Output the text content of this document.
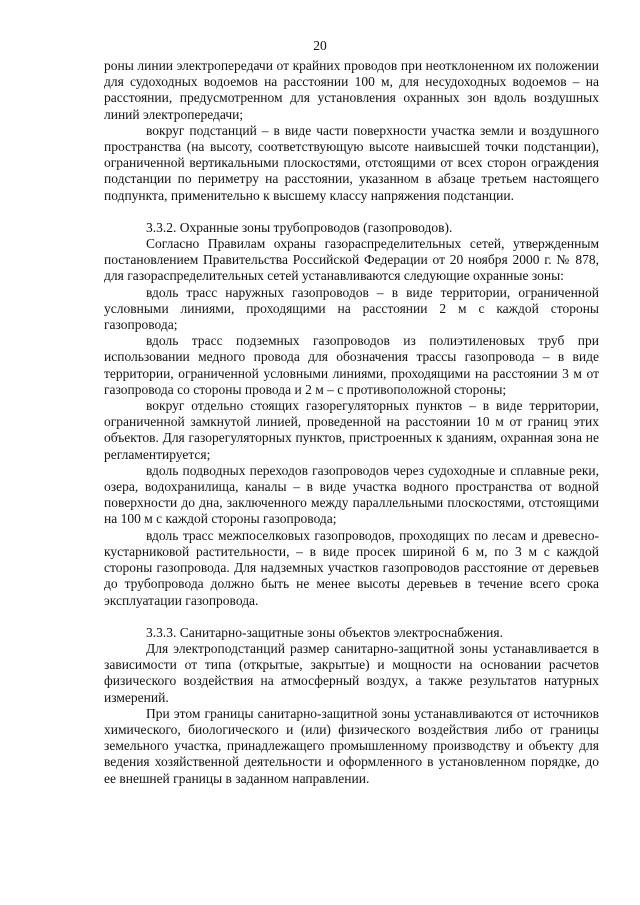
20

роны линии электропередачи от крайних проводов при неотклоненном их положении для судоходных водоемов на расстоянии 100 м, для несудоходных водоемов – на расстоянии, предусмотренном для установления охранных зон вдоль воздушных линий электропередачи;

вокруг подстанций – в виде части поверхности участка земли и воздушного пространства (на высоту, соответствующую высоте наивысшей точки подстанции), ограниченной вертикальными плоскостями, отстоящими от всех сторон ограждения подстанции по периметру на расстоянии, указанном в абзаце третьем настоящего подпункта, применительно к высшему классу напряжения подстанции.

3.3.2. Охранные зоны трубопроводов (газопроводов).

Согласно Правилам охраны газораспределительных сетей, утвержденным постановлением Правительства Российской Федерации от 20 ноября 2000 г. № 878, для газораспределительных сетей устанавливаются следующие охранные зоны:

вдоль трасс наружных газопроводов – в виде территории, ограниченной условными линиями, проходящими на расстоянии 2 м с каждой стороны газопровода;

вдоль трасс подземных газопроводов из полиэтиленовых труб при использовании медного провода для обозначения трассы газопровода – в виде территории, ограниченной условными линиями, проходящими на расстоянии 3 м от газопровода со стороны провода и 2 м – с противоположной стороны;

вокруг отдельно стоящих газорегуляторных пунктов – в виде территории, ограниченной замкнутой линией, проведенной на расстоянии 10 м от границ этих объектов. Для газорегуляторных пунктов, пристроенных к зданиям, охранная зона не регламентируется;

вдоль подводных переходов газопроводов через судоходные и сплавные реки, озера, водохранилища, каналы – в виде участка водного пространства от водной поверхности до дна, заключенного между параллельными плоскостями, отстоящими на 100 м с каждой стороны газопровода;

вдоль трасс межпоселковых газопроводов, проходящих по лесам и древесно-кустарниковой растительности, – в виде просек шириной 6 м, по 3 м с каждой стороны газопровода. Для надземных участков газопроводов расстояние от деревьев до трубопровода должно быть не менее высоты деревьев в течение всего срока эксплуатации газопровода.

3.3.3. Санитарно-защитные зоны объектов электроснабжения.

Для электроподстанций размер санитарно-защитной зоны устанавливается в зависимости от типа (открытые, закрытые) и мощности на основании расчетов физического воздействия на атмосферный воздух, а также результатов натурных измерений.

При этом границы санитарно-защитной зоны устанавливаются от источников химического, биологического и (или) физического воздействия либо от границы земельного участка, принадлежащего промышленному производству и объекту для ведения хозяйственной деятельности и оформленного в установленном порядке, до ее внешней границы в заданном направлении.
